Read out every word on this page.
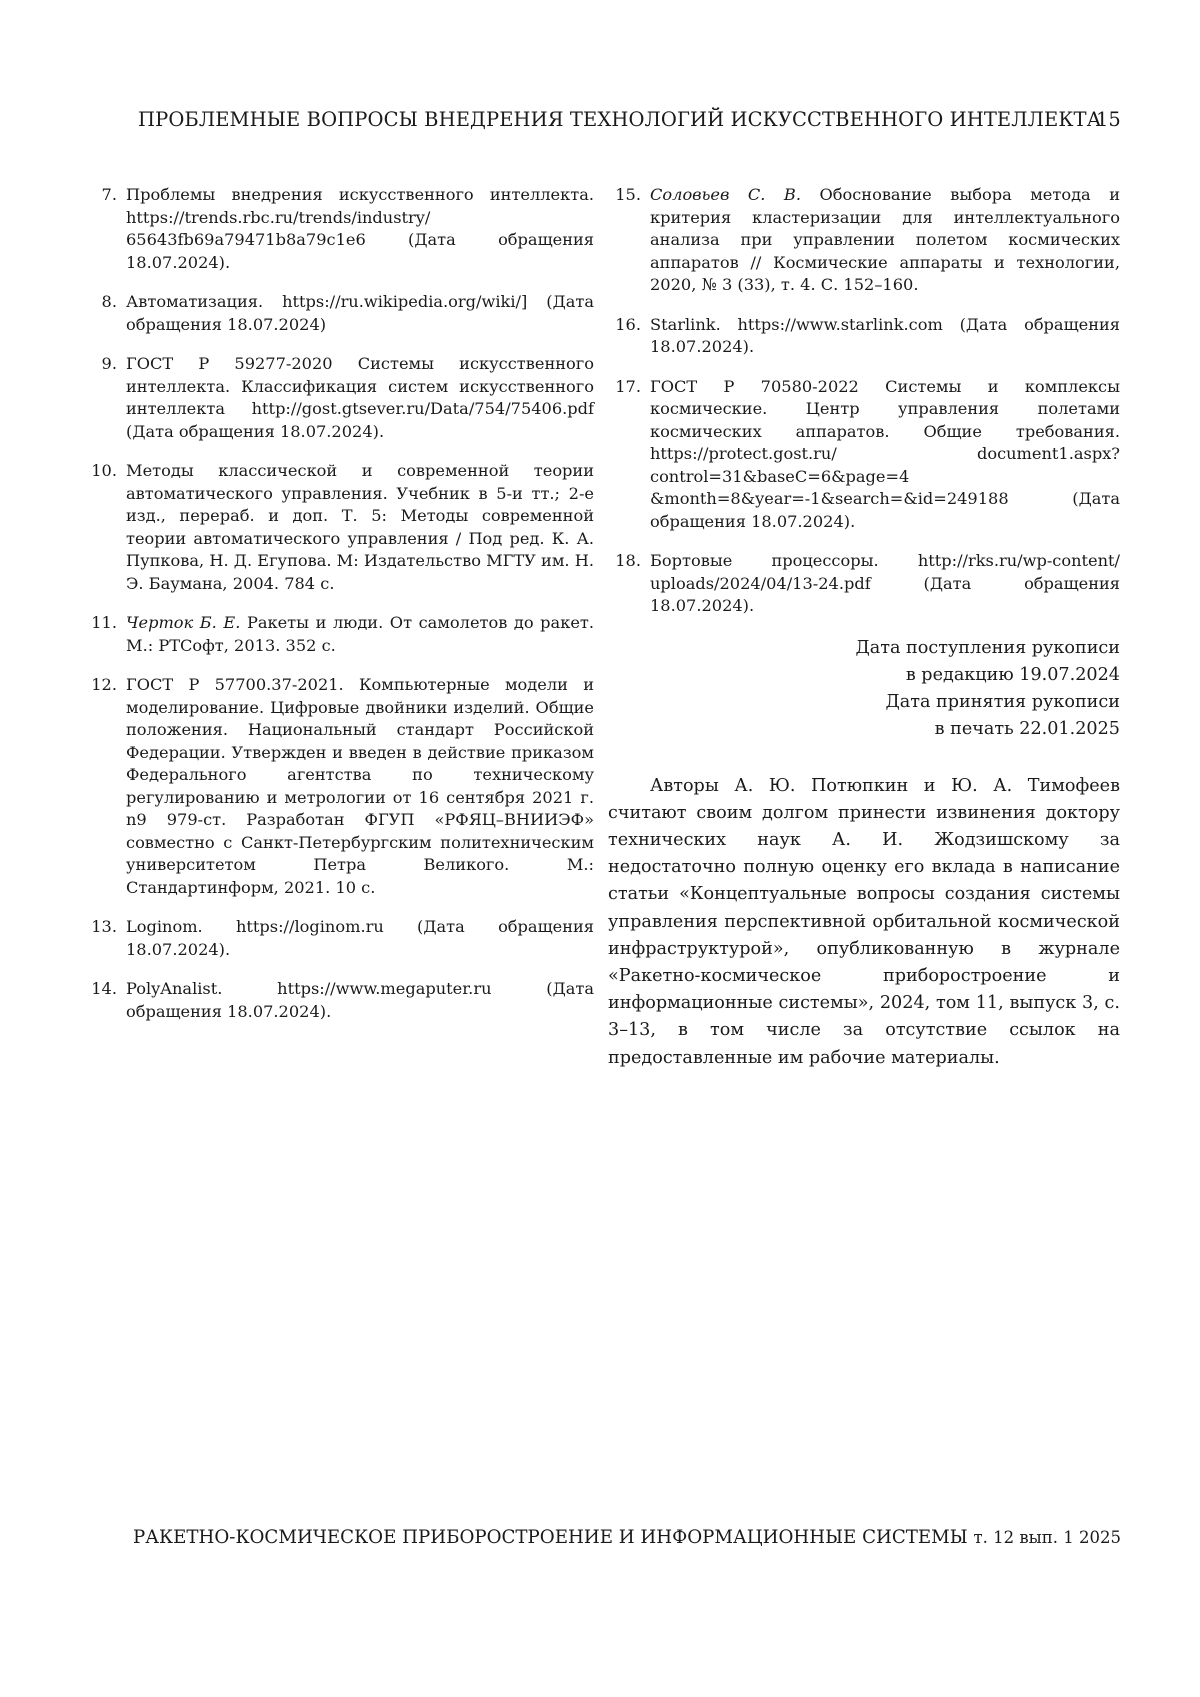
ПРОБЛЕМНЫЕ ВОПРОСЫ ВНЕДРЕНИЯ ТЕХНОЛОГИЙ ИСКУССТВЕННОГО ИНТЕЛЛЕКТА
15
7. Проблемы внедрения искусственного интеллекта. https://trends.rbc.ru/trends/industry/ 65643fb69a79471b8a79c1e6 (Дата обращения 18.07.2024).
8. Автоматизация. https://ru.wikipedia.org/wiki/] (Дата обращения 18.07.2024)
9. ГОСТ Р 59277-2020 Системы искусственного интеллекта. Классификация систем искусственного интеллекта http://gost.gtsever.ru/Data/754/75406.pdf (Дата обращения 18.07.2024).
10. Методы классической и современной теории автоматического управления. Учебник в 5-и тт.; 2-е изд., перераб. и доп. Т. 5: Методы современной теории автоматического управления / Под ред. К. А. Пупкова, Н. Д. Егупова. М: Издательство МГТУ им. Н. Э. Баумана, 2004. 784 с.
11. Черток Б. Е. Ракеты и люди. От самолетов до ракет. М.: РТСофт, 2013. 352 с.
12. ГОСТ Р 57700.37-2021. Компьютерные модели и моделирование. Цифровые двойники изделий. Общие положения. Национальный стандарт Российской Федерации. Утвержден и введен в действие приказом Федерального агентства по техническому регулированию и метрологии от 16 сентября 2021 г. n9 979-ст. Разработан ФГУП «РФЯЦ–ВНИИЭФ» совместно с Санкт-Петербургским политехническим университетом Петра Великого. М.: Стандартинформ, 2021. 10 с.
13. Loginom. https://loginom.ru (Дата обращения 18.07.2024).
14. PolyAnalist. https://www.megaputer.ru (Дата обращения 18.07.2024).
15. Соловьев С. В. Обоснование выбора метода и критерия кластеризации для интеллектуального анализа при управлении полетом космических аппаратов // Космические аппараты и технологии, 2020, № 3 (33), т. 4. С. 152–160.
16. Starlink. https://www.starlink.com (Дата обращения 18.07.2024).
17. ГОСТ Р 70580-2022 Системы и комплексы космические. Центр управления полетами космических аппаратов. Общие требования. https://protect.gost.ru/ document1.aspx?control=31&baseC=6&page=4 &month=8&year=-1&search=&id=249188 (Дата обращения 18.07.2024).
18. Бортовые процессоры. http://rks.ru/wp-content/ uploads/2024/04/13-24.pdf (Дата обращения 18.07.2024).
Дата поступления рукописи
в редакцию 19.07.2024
Дата принятия рукописи
в печать 22.01.2025
Авторы А. Ю. Потюпкин и Ю. А. Тимофеев считают своим долгом принести извинения доктору технических наук А. И. Жодзишскому за недостаточно полную оценку его вклада в написание статьи «Концептуальные вопросы создания системы управления перспективной орбитальной космической инфраструктурой», опубликованную в журнале «Ракетно-космическое приборостроение и информационные системы», 2024, том 11, выпуск 3, с. 3–13, в том числе за отсутствие ссылок на предоставленные им рабочие материалы.
РАКЕТНО-КОСМИЧЕСКОЕ ПРИБОРОСТРОЕНИЕ И ИНФОРМАЦИОННЫЕ СИСТЕМЫ т. 12 вып. 1 2025
